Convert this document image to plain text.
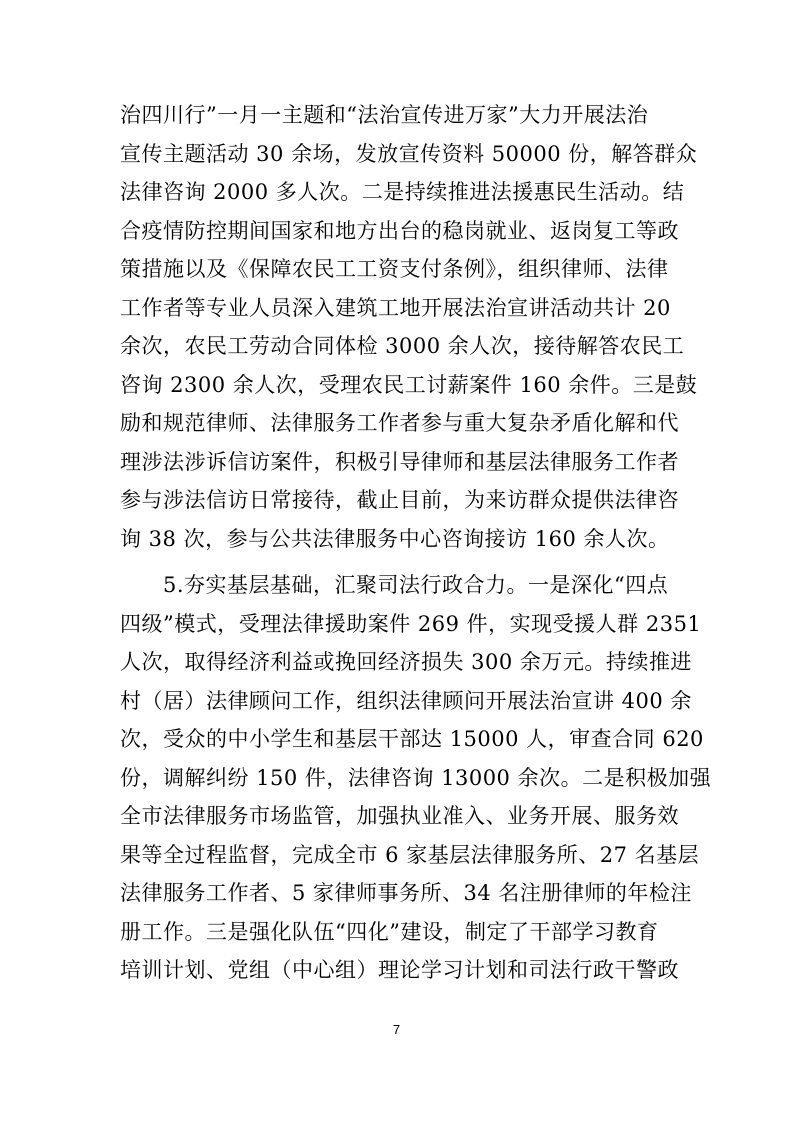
治四川行”一月一主题和“法治宣传进万家”大力开展法治
宣传主题活动 30 余场，发放宣传资料 50000 份，解答群众
法律咨询 2000 多人次。二是持续推进法援惠民生活动。结
合疫情防控期间国家和地方出台的稳岗就业、返岗复工等政
策措施以及《保障农民工工资支付条例》，组织律师、法律
工作者等专业人员深入建筑工地开展法治宣讲活动共计 20
余次，农民工劳动合同体检 3000 余人次，接待解答农民工
咨询 2300 余人次，受理农民工讨薪案件 160 余件。三是鼓
励和规范律师、法律服务工作者参与重大复杂矛盾化解和代
理涉法涉诉信访案件，积极引导律师和基层法律服务工作者
参与涉法信访日常接待，截止目前，为来访群众提供法律咨
询 38 次，参与公共法律服务中心咨询接访 160 余人次。
　　5.夯实基层基础，汇聚司法行政合力。一是深化“四点
四级”模式，受理法律援助案件 269 件，实现受援人群 2351
人次，取得经济利益或挽回经济损失 300 余万元。持续推进
村（居）法律顾问工作，组织法律顾问开展法治宣讲 400 余
次，受众的中小学生和基层干部达 15000 人，审查合同 620
份，调解纠纷 150 件，法律咨询 13000 余次。二是积极加强
全市法律服务市场监管，加强执业准入、业务开展、服务效
果等全过程监督，完成全市 6 家基层法律服务所、27 名基层
法律服务工作者、5 家律师事务所、34 名注册律师的年检注
册工作。三是强化队伍“四化”建设，制定了干部学习教育
培训计划、党组（中心组）理论学习计划和司法行政干警政
7
